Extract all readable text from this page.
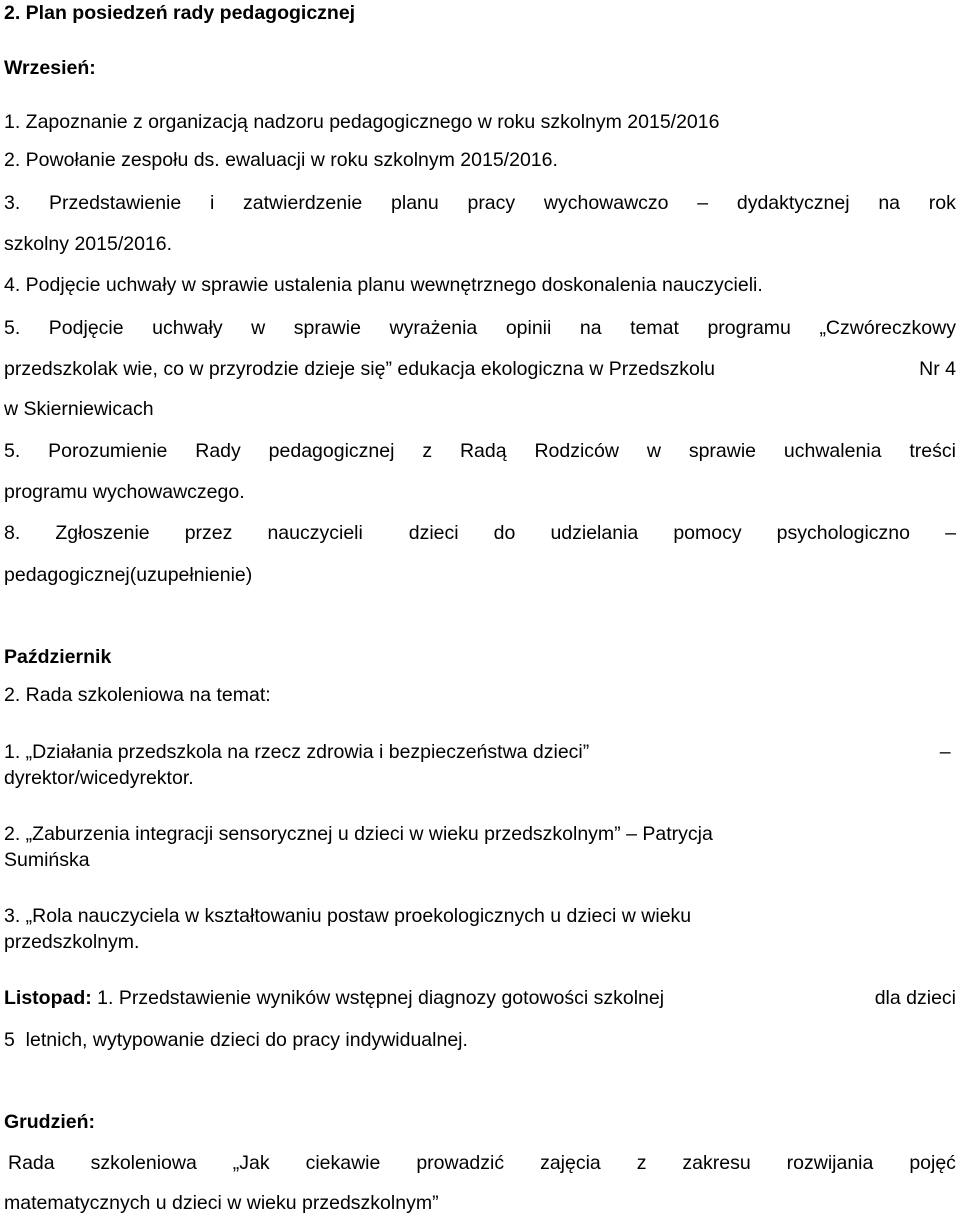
2. Plan posiedzeń rady pedagogicznej
Wrzesień:
1. Zapoznanie z organizacją nadzoru pedagogicznego w roku szkolnym 2015/2016
2. Powołanie zespołu ds. ewaluacji w roku szkolnym 2015/2016.
3. Przedstawienie i zatwierdzenie planu pracy wychowawczo – dydaktycznej na rok
szkolny 2015/2016.
4. Podjęcie uchwały w sprawie ustalenia planu wewnętrznego doskonalenia nauczycieli.
5. Podjęcie uchwały w sprawie wyrażenia opinii na temat programu „Czwóreczkowy
przedszkolak wie, co w przyrodzie dzieje się” edukacja ekologiczna w Przedszkolu	Nr 4
w Skierniewicach
5. Porozumienie Rady pedagogicznej z Radą Rodziców w sprawie uchwalenia treści
programu wychowawczego.
8. Zgłoszenie przez nauczycieli dzieci do udzielania pomocy psychologiczno –
pedagogicznej(uzupełnienie)
Październik
2. Rada szkoleniowa na temat:
1. „Działania przedszkola na rzecz zdrowia i bezpieczeństwa dzieci”	–
dyrektor/wicedyrektor.
2. „Zaburzenia integracji sensorycznej u dzieci w wieku przedszkolnym” – Patrycja
Sumińska
3. „Rola nauczyciela w kształtowaniu postaw proekologicznych u dzieci w wieku
przedszkolnym.
Listopad: 1. Przedstawienie wyników wstępnej diagnozy gotowości szkolnej	dla dzieci
5  letnich, wytypowanie dzieci do pracy indywidualnej.
Grudzień:
Rada szkoleniowa „Jak ciekawie prowadzić zajęcia z zakresu rozwijania pojęć
matematycznych u dzieci w wieku przedszkolnym”
